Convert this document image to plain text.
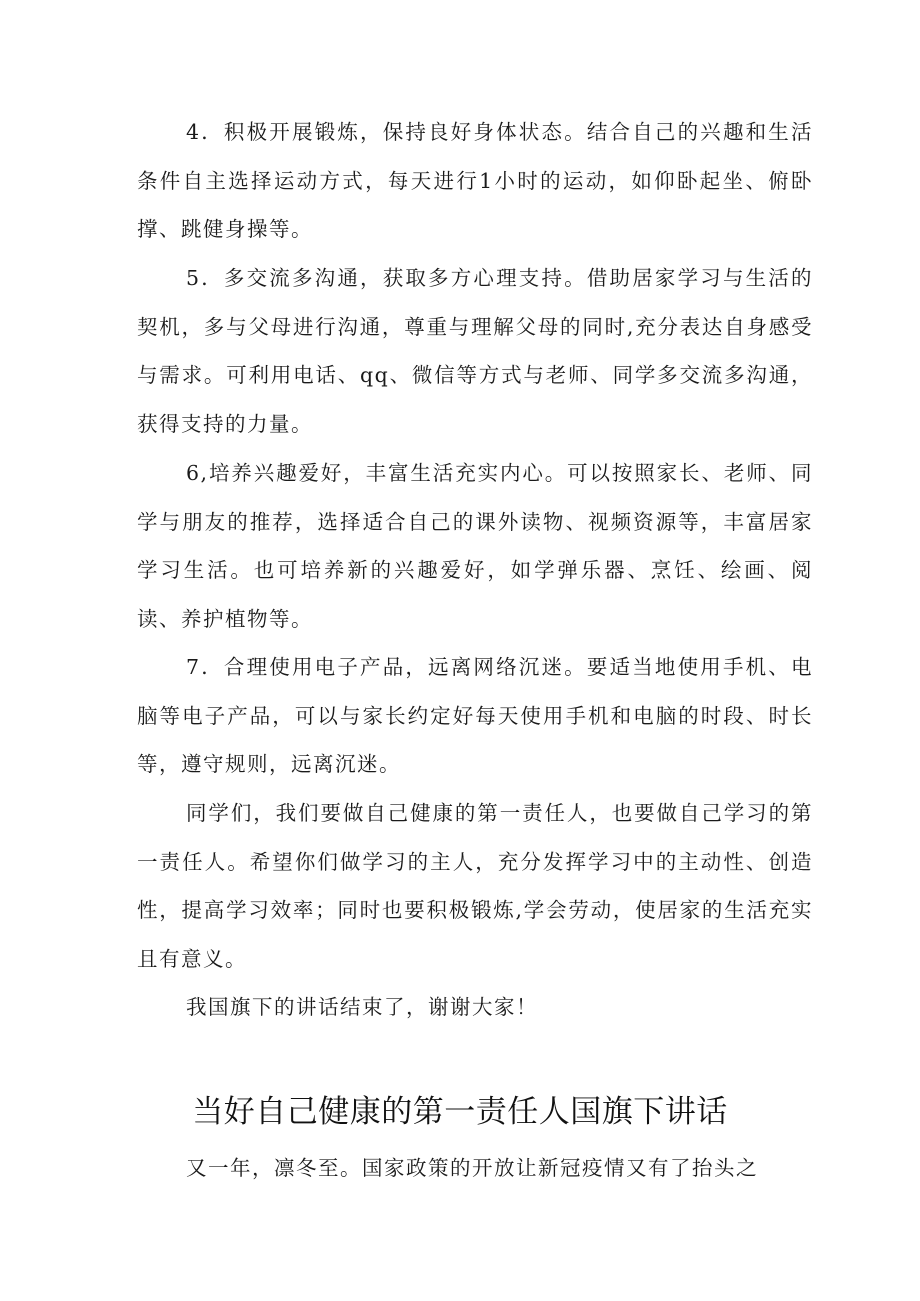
4．积极开展锻炼，保持良好身体状态。结合自己的兴趣和生活条件自主选择运动方式，每天进行1小时的运动，如仰卧起坐、俯卧撑、跳健身操等。

5．多交流多沟通，获取多方心理支持。借助居家学习与生活的契机，多与父母进行沟通，尊重与理解父母的同时,充分表达自身感受与需求。可利用电话、qq、微信等方式与老师、同学多交流多沟通，获得支持的力量。

6,培养兴趣爱好，丰富生活充实内心。可以按照家长、老师、同学与朋友的推荐，选择适合自己的课外读物、视频资源等，丰富居家学习生活。也可培养新的兴趣爱好，如学弹乐器、烹饪、绘画、阅读、养护植物等。

7．合理使用电子产品，远离网络沉迷。要适当地使用手机、电脑等电子产品，可以与家长约定好每天使用手机和电脑的时段、时长等，遵守规则，远离沉迷。

同学们，我们要做自己健康的第一责任人，也要做自己学习的第一责任人。希望你们做学习的主人，充分发挥学习中的主动性、创造性，提高学习效率；同时也要积极锻炼,学会劳动，使居家的生活充实且有意义。

我国旗下的讲话结束了，谢谢大家！

当好自己健康的第一责任人国旗下讲话

又一年，凛冬至。国家政策的开放让新冠疫情又有了抬头之
